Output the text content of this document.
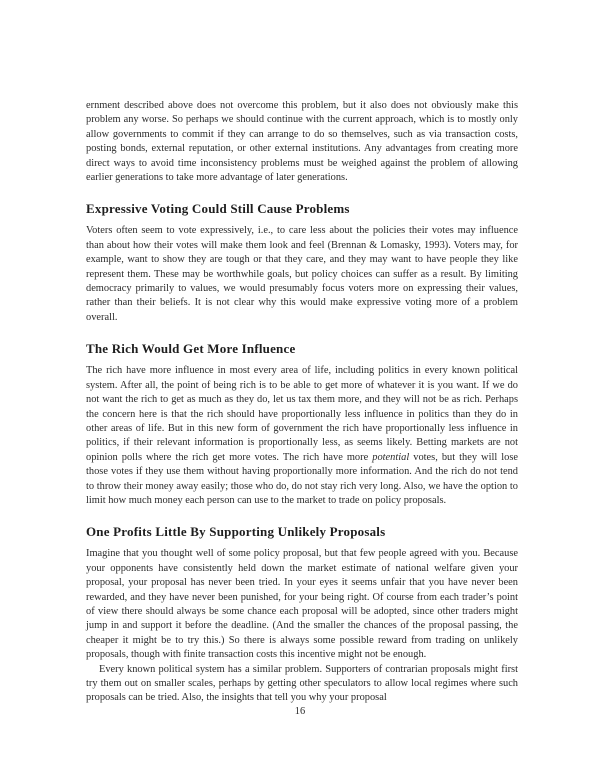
ernment described above does not overcome this problem, but it also does not obviously make this problem any worse. So perhaps we should continue with the current approach, which is to mostly only allow governments to commit if they can arrange to do so themselves, such as via transaction costs, posting bonds, external reputation, or other external institutions. Any advantages from creating more direct ways to avoid time inconsistency problems must be weighed against the problem of allowing earlier generations to take more advantage of later generations.

Expressive Voting Could Still Cause Problems

Voters often seem to vote expressively, i.e., to care less about the policies their votes may influence than about how their votes will make them look and feel (Brennan & Lomasky, 1993). Voters may, for example, want to show they are tough or that they care, and they may want to have people they like represent them. These may be worthwhile goals, but policy choices can suffer as a result. By limiting democracy primarily to values, we would presumably focus voters more on expressing their values, rather than their beliefs. It is not clear why this would make expressive voting more of a problem overall.

The Rich Would Get More Influence

The rich have more influence in most every area of life, including politics in every known political system. After all, the point of being rich is to be able to get more of whatever it is you want. If we do not want the rich to get as much as they do, let us tax them more, and they will not be as rich. Perhaps the concern here is that the rich should have proportionally less influence in politics than they do in other areas of life. But in this new form of government the rich have proportionally less influence in politics, if their relevant information is proportionally less, as seems likely. Betting markets are not opinion polls where the rich get more votes. The rich have more potential votes, but they will lose those votes if they use them without having proportionally more information. And the rich do not tend to throw their money away easily; those who do, do not stay rich very long. Also, we have the option to limit how much money each person can use to the market to trade on policy proposals.

One Profits Little By Supporting Unlikely Proposals

Imagine that you thought well of some policy proposal, but that few people agreed with you. Because your opponents have consistently held down the market estimate of national welfare given your proposal, your proposal has never been tried. In your eyes it seems unfair that you have never been rewarded, and they have never been punished, for your being right. Of course from each trader’s point of view there should always be some chance each proposal will be adopted, since other traders might jump in and support it before the deadline. (And the smaller the chances of the proposal passing, the cheaper it might be to try this.) So there is always some possible reward from trading on unlikely proposals, though with finite transaction costs this incentive might not be enough.

Every known political system has a similar problem. Supporters of contrarian proposals might first try them out on smaller scales, perhaps by getting other speculators to allow local regimes where such proposals can be tried. Also, the insights that tell you why your proposal

16
